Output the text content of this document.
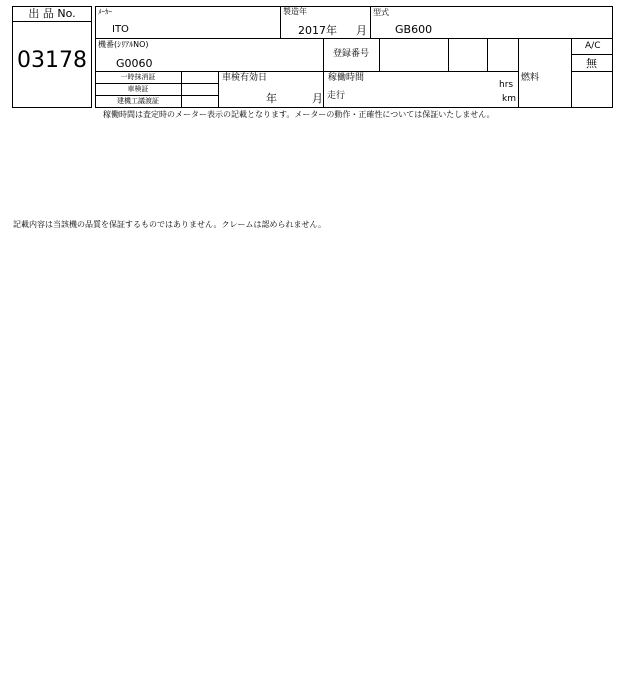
出 品 No.
03178
ﾒｰｶｰ
ITO
製造年
2017 年 月
型式
GB600
機番(ｼﾘｱﾙNO)
G0060
登録番号
A/C
無
一時抹消証
車検証
建機工議渡証
車検有効日
年	月
稼働時間
hrs
走行	km
燃料
稼働時間は査定時のメーター表示の記載となります。メーターの動作・正確性については保証いたしません。
記載内容は当該機の品質を保証するものではありません。クレームは認められません。
